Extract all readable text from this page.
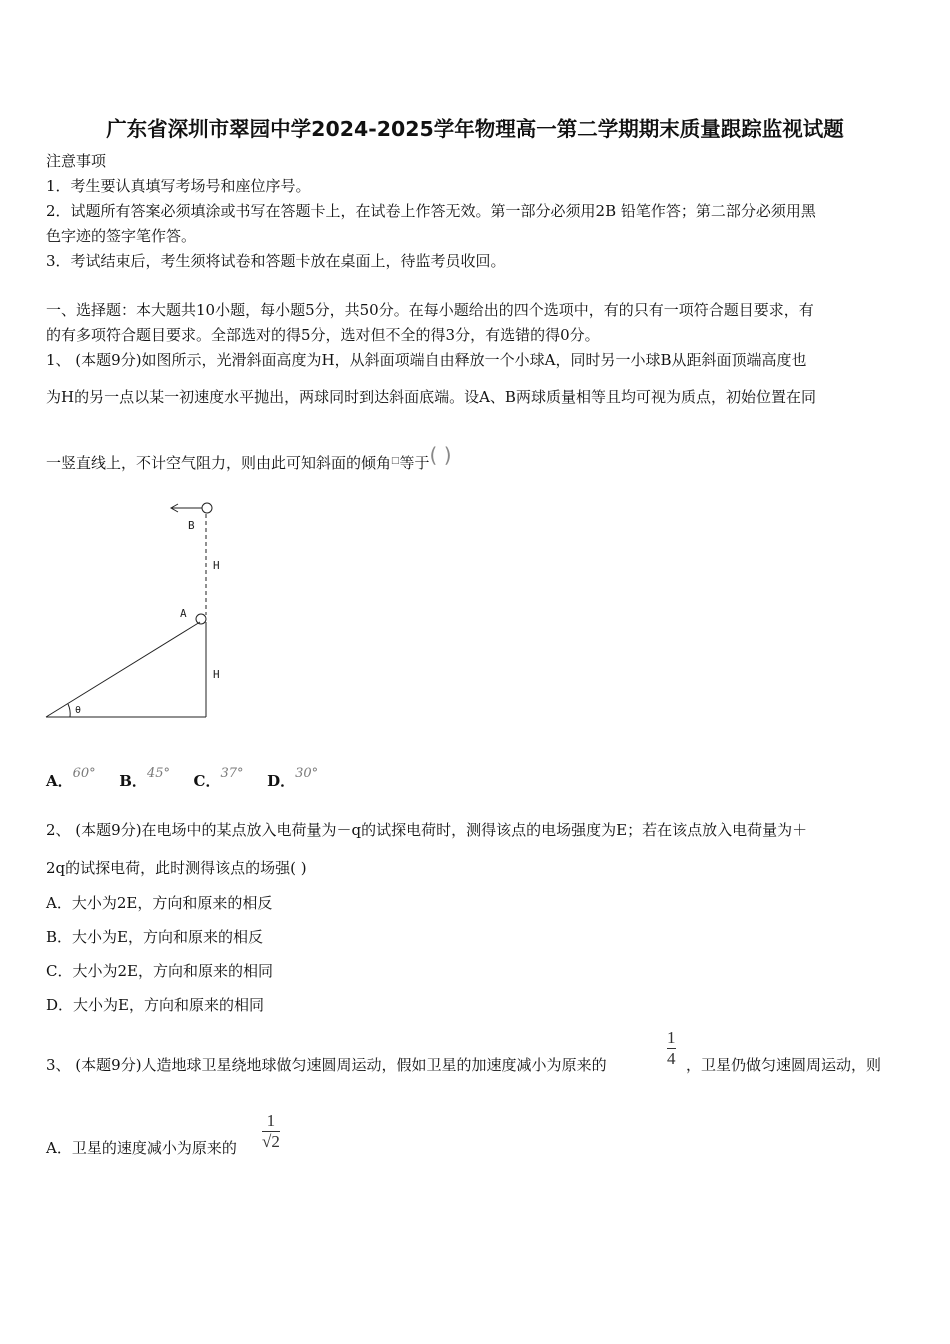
广东省深圳市翠园中学2024-2025学年物理高一第二学期期末质量跟踪监视试题
注意事项
1．考生要认真填写考场号和座位序号。
2．试题所有答案必须填涂或书写在答题卡上，在试卷上作答无效。第一部分必须用2B 铅笔作答；第二部分必须用黑
色字迹的签字笔作答。
3．考试结束后，考生须将试卷和答题卡放在桌面上，待监考员收回。
一、选择题：本大题共10小题，每小题5分，共50分。在每小题给出的四个选项中，有的只有一项符合题目要求，有
的有多项符合题目要求。全部选对的得5分，选对但不全的得3分，有选错的得0分。
1、 (本题9分)如图所示，光滑斜面高度为H，从斜面项端自由释放一个小球A，同时另一小球B从距斜面顶端高度也
为H的另一点以某一初速度水平抛出，两球同时到达斜面底端。设A、B两球质量相等且均可视为质点，初始位置在同
一竖直线上，不计空气阻力，则由此可知斜面的倾角□等于( )
B
H
A
H
θ
A．60° B．45° C．37° D．30°
2、 (本题9分)在电场中的某点放入电荷量为－q的试探电荷时，测得该点的电场强度为E；若在该点放入电荷量为＋
2q的试探电荷，此时测得该点的场强( )
A．大小为2E，方向和原来的相反
B．大小为E，方向和原来的相反
C．大小为2E，方向和原来的相同
D．大小为E，方向和原来的相同
3、 (本题9分)人造地球卫星绕地球做匀速圆周运动，假如卫星的加速度减小为原来的	$\frac{1}{4}$ ，卫星仍做匀速圆周运动，则
A．卫星的速度减小为原来的 $\frac{1}{√2}$
